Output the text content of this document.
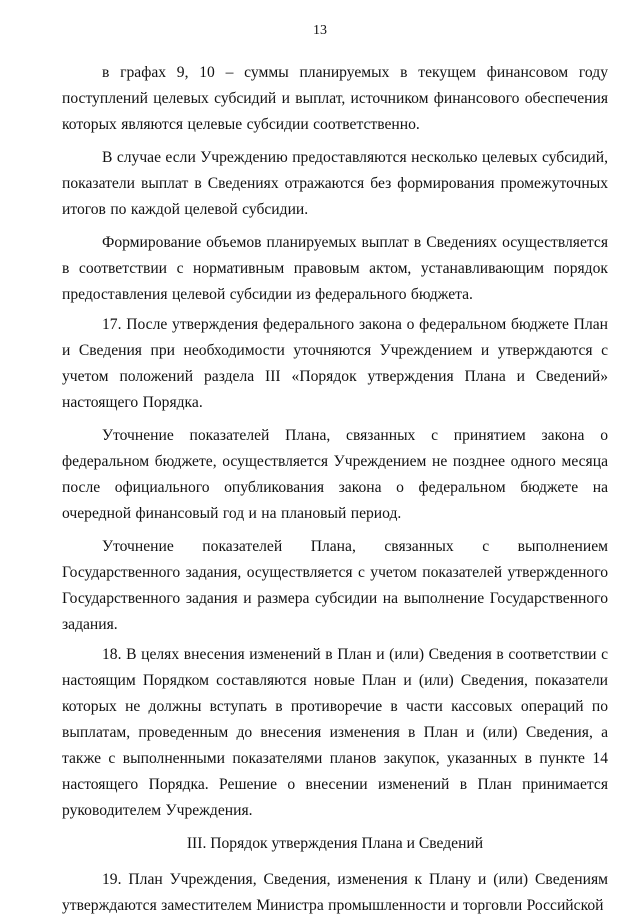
13

в графах 9, 10 – суммы планируемых в текущем финансовом году поступлений целевых субсидий и выплат, источником финансового обеспечения которых являются целевые субсидии соответственно.

В случае если Учреждению предоставляются несколько целевых субсидий, показатели выплат в Сведениях отражаются без формирования промежуточных итогов по каждой целевой субсидии.

Формирование объемов планируемых выплат в Сведениях осуществляется в соответствии с нормативным правовым актом, устанавливающим порядок предоставления целевой субсидии из федерального бюджета.

17. После утверждения федерального закона о федеральном бюджете План и Сведения при необходимости уточняются Учреждением и утверждаются с учетом положений раздела III «Порядок утверждения Плана и Сведений» настоящего Порядка.

Уточнение показателей Плана, связанных с принятием закона о федеральном бюджете, осуществляется Учреждением не позднее одного месяца после официального опубликования закона о федеральном бюджете на очередной финансовый год и на плановый период.

Уточнение показателей Плана, связанных с выполнением Государственного задания, осуществляется с учетом показателей утвержденного Государственного задания и размера субсидии на выполнение Государственного задания.

18. В целях внесения изменений в План и (или) Сведения в соответствии с настоящим Порядком составляются новые План и (или) Сведения, показатели которых не должны вступать в противоречие в части кассовых операций по выплатам, проведенным до внесения изменения в План и (или) Сведения, а также с выполненными показателями планов закупок, указанных в пункте 14 настоящего Порядка. Решение о внесении изменений в План принимается руководителем Учреждения.

III. Порядок утверждения Плана и Сведений

19. План Учреждения, Сведения, изменения к Плану и (или) Сведениям утверждаются заместителем Министра промышленности и торговли Российской
